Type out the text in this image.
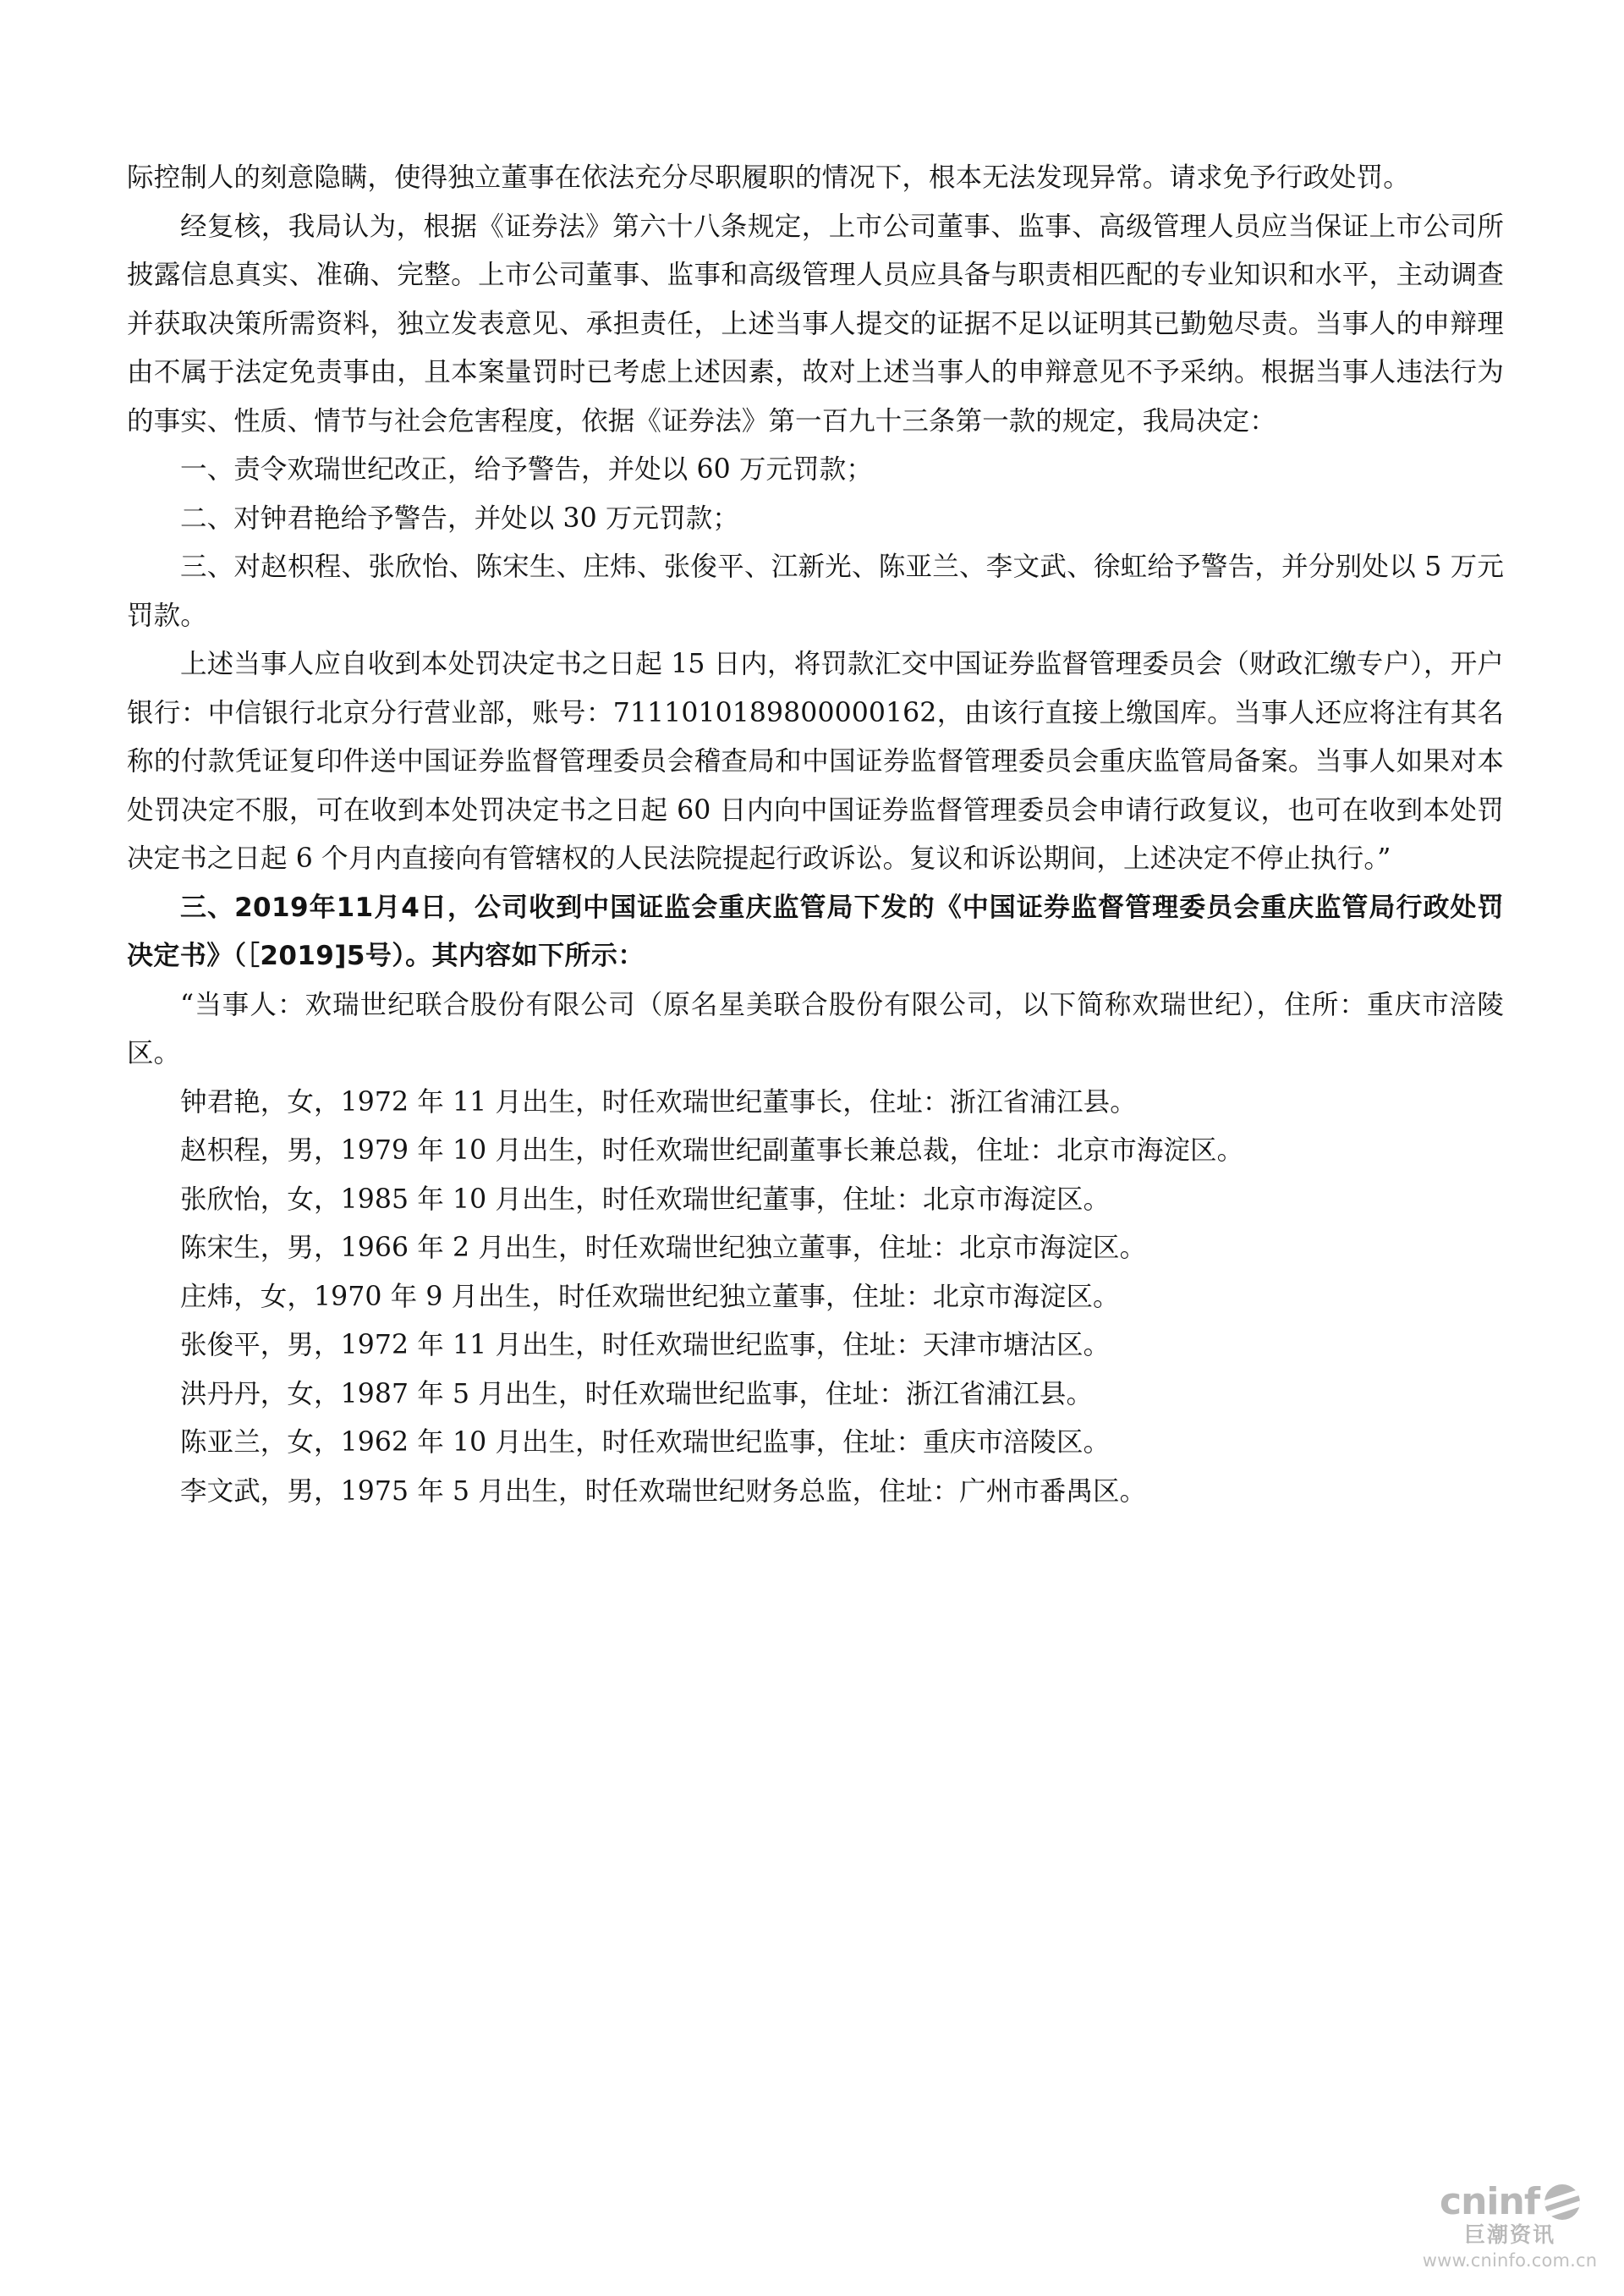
际控制人的刻意隐瞒，使得独立董事在依法充分尽职履职的情况下，根本无法发现异常。请求免予行政处罚。

经复核，我局认为，根据《证券法》第六十八条规定，上市公司董事、监事、高级管理人员应当保证上市公司所披露信息真实、准确、完整。上市公司董事、监事和高级管理人员应具备与职责相匹配的专业知识和水平，主动调查并获取决策所需资料，独立发表意见、承担责任，上述当事人提交的证据不足以证明其已勤勉尽责。当事人的申辩理由不属于法定免责事由，且本案量罚时已考虑上述因素，故对上述当事人的申辩意见不予采纳。根据当事人违法行为的事实、性质、情节与社会危害程度，依据《证券法》第一百九十三条第一款的规定，我局决定：

一、责令欢瑞世纪改正，给予警告，并处以 60 万元罚款；

二、对钟君艳给予警告，并处以 30 万元罚款；

三、对赵枳程、张欣怡、陈宋生、庄炜、张俊平、江新光、陈亚兰、李文武、徐虹给予警告，并分别处以 5 万元罚款。

上述当事人应自收到本处罚决定书之日起 15 日内，将罚款汇交中国证券监督管理委员会（财政汇缴专户），开户银行：中信银行北京分行营业部，账号：7111010189800000162，由该行直接上缴国库。当事人还应将注有其名称的付款凭证复印件送中国证券监督管理委员会稽查局和中国证券监督管理委员会重庆监管局备案。当事人如果对本处罚决定不服，可在收到本处罚决定书之日起 60 日内向中国证券监督管理委员会申请行政复议，也可在收到本处罚决定书之日起 6 个月内直接向有管辖权的人民法院提起行政诉讼。复议和诉讼期间，上述决定不停止执行。”

三、2019年11月4日，公司收到中国证监会重庆监管局下发的《中国证券监督管理委员会重庆监管局行政处罚决定书》（［2019]5号）。其内容如下所示：

“当事人：欢瑞世纪联合股份有限公司（原名星美联合股份有限公司，以下简称欢瑞世纪），住所：重庆市涪陵区。

钟君艳，女，1972 年 11 月出生，时任欢瑞世纪董事长，住址：浙江省浦江县。

赵枳程，男，1979 年 10 月出生，时任欢瑞世纪副董事长兼总裁，住址：北京市海淀区。

张欣怡，女，1985 年 10 月出生，时任欢瑞世纪董事，住址：北京市海淀区。

陈宋生，男，1966 年 2 月出生，时任欢瑞世纪独立董事，住址：北京市海淀区。

庄炜，女，1970 年 9 月出生，时任欢瑞世纪独立董事，住址：北京市海淀区。

张俊平，男，1972 年 11 月出生，时任欢瑞世纪监事，住址：天津市塘沽区。

洪丹丹，女，1987 年 5 月出生，时任欢瑞世纪监事，住址：浙江省浦江县。

陈亚兰，女，1962 年 10 月出生，时任欢瑞世纪监事，住址：重庆市涪陵区。

李文武，男，1975 年 5 月出生，时任欢瑞世纪财务总监，住址：广州市番禺区。

cninf
巨潮资讯
www.cninfo.com.cn
